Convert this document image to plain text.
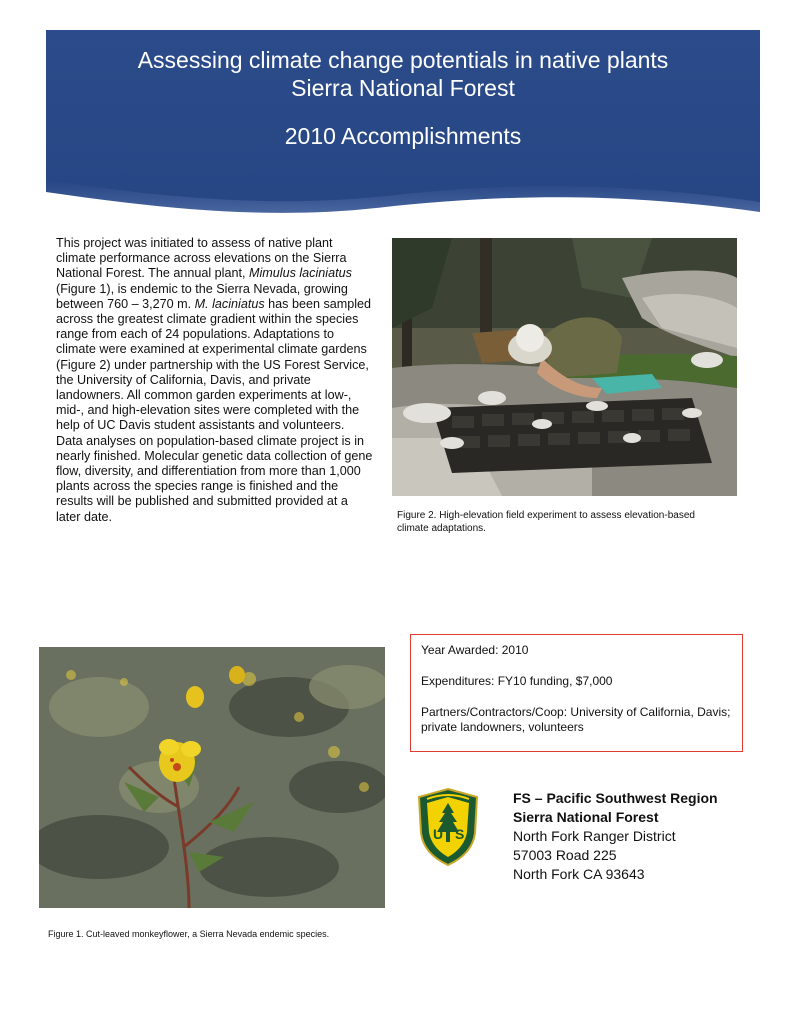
Assessing climate change potentials in native plants
Sierra National Forest
2010 Accomplishments
This project was initiated to assess of native plant climate performance across elevations on the Sierra National Forest. The annual plant, Mimulus laciniatus (Figure 1), is endemic to the Sierra Nevada, growing between 760 – 3,270 m. M. laciniatus has been sampled across the greatest climate gradient within the species range from each of 24 populations. Adaptations to climate were examined at experimental climate gardens (Figure 2) under partnership with the US Forest Service, the University of California, Davis, and private landowners. All common garden experiments at low-, mid-, and high-elevation sites were completed with the help of UC Davis student assistants and volunteers. Data analyses on population-based climate project is in nearly finished. Molecular genetic data collection of gene flow, diversity, and differentiation from more than 1,000 plants across the species range is finished and the results will be published and submitted provided at a later date.	Figure 2. High-elevation field experiment to assess elevation-based climate adaptations.
Figure 1. Cut-leaved monkeyflower, a Sierra Nevada endemic species.
Year Awarded: 2010
Expenditures: FY10 funding, $7,000
Partners/Contractors/Coop: University of California, Davis; private landowners, volunteers
U S
FS – Pacific Southwest Region
Sierra National Forest
North Fork Ranger District
57003 Road 225
North Fork CA 93643
